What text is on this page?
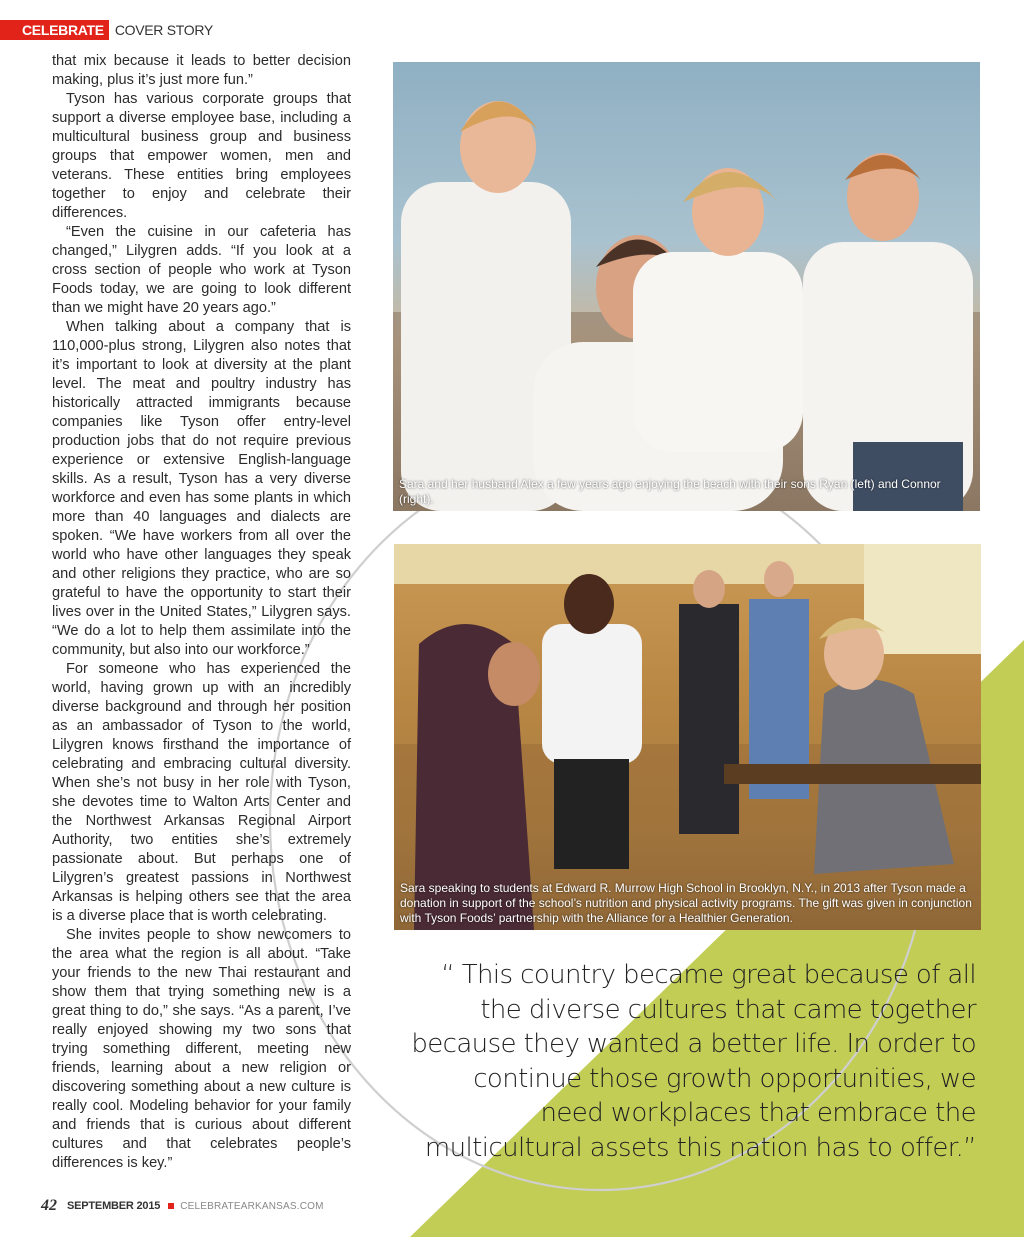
CELEBRATE COVER STORY

that mix because it leads to better decision making, plus it’s just more fun.”

Tyson has various corporate groups that support a diverse employee base, including a multicultural business group and business groups that empower women, men and veterans. These entities bring employees together to enjoy and celebrate their differences.

“Even the cuisine in our cafeteria has changed,” Lilygren adds. “If you look at a cross section of people who work at Tyson Foods today, we are going to look different than we might have 20 years ago.”

When talking about a company that is 110,000-plus strong, Lilygren also notes that it’s important to look at diversity at the plant level. The meat and poultry industry has historically attracted immigrants because companies like Tyson offer entry-level production jobs that do not require previous experience or extensive English-language skills. As a result, Tyson has a very diverse workforce and even has some plants in which more than 40 languages and dialects are spoken. “We have workers from all over the world who have other languages they speak and other religions they practice, who are so grateful to have the opportunity to start their lives over in the United States,” Lilygren says. “We do a lot to help them assimilate into the community, but also into our workforce.”

For someone who has experienced the world, having grown up with an incredibly diverse background and through her position as an ambassador of Tyson to the world, Lilygren knows firsthand the importance of celebrating and embracing cultural diversity. When she’s not busy in her role with Tyson, she devotes time to Walton Arts Center and the Northwest Arkansas Regional Airport Authority, two entities she’s extremely passionate about. But perhaps one of Lilygren’s greatest passions in Northwest Arkansas is helping others see that the area is a diverse place that is worth celebrating.

She invites people to show newcomers to the area what the region is all about. “Take your friends to the new Thai restaurant and show them that trying something new is a great thing to do,” she says. “As a parent, I’ve really enjoyed showing my two sons that trying something different, meeting new friends, learning about a new religion or discovering something about a new culture is really cool. Modeling behavior for your family and friends that is curious about different cultures and that celebrates people’s differences is key.”

Sara and her husband Alex a few years ago enjoying the beach with their sons Ryan (left) and Connor (right).
Sara speaking to students at Edward R. Murrow High School in Brooklyn, N.Y., in 2013 after Tyson made a donation in support of the school’s nutrition and physical activity programs. The gift was given in conjunction with Tyson Foods’ partnership with the Alliance for a Healthier Generation.
“ This country became great because of all the diverse cultures that came together because they wanted a better life. In order to continue those growth opportunities, we need workplaces that embrace the multicultural assets this nation has to offer.”
42 SEPTEMBER 2015 CELEBRATEARKANSAS.COM
